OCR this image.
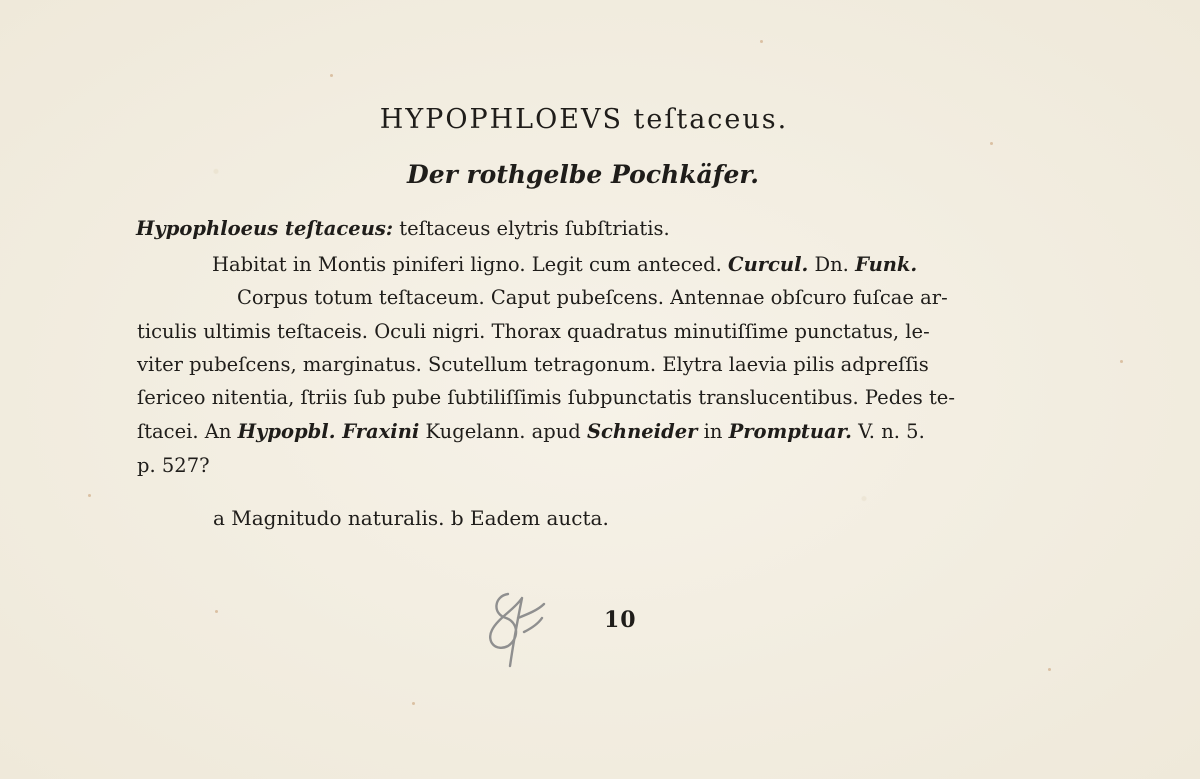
HYPOPHLOEVS teſtaceus.
Der rothgelbe Pochkäfer.

Hypophloeus teſtaceus: teſtaceus elytris ſubſtriatis.

Habitat in Montis piniferi ligno. Legit cum anteced. Curcul. Dn. Funk.

Corpus totum teſtaceum. Caput pubeſcens. Antennae obſcuro fuſcae ar-

ticulis ultimis teſtaceis. Oculi nigri. Thorax quadratus minutiſſime punctatus, le-

viter pubeſcens, marginatus. Scutellum tetragonum. Elytra laevia pilis adpreſſis

ſericeo nitentia, ſtriis ſub pube ſubtiliſſimis ſubpunctatis translucentibus. Pedes te-

ſtacei. An Hypopbl. Fraxini Kugelann. apud Schneider in Promptuar. V. n. 5.

p. 527?

a Magnitudo naturalis. b Eadem aucta.
10
